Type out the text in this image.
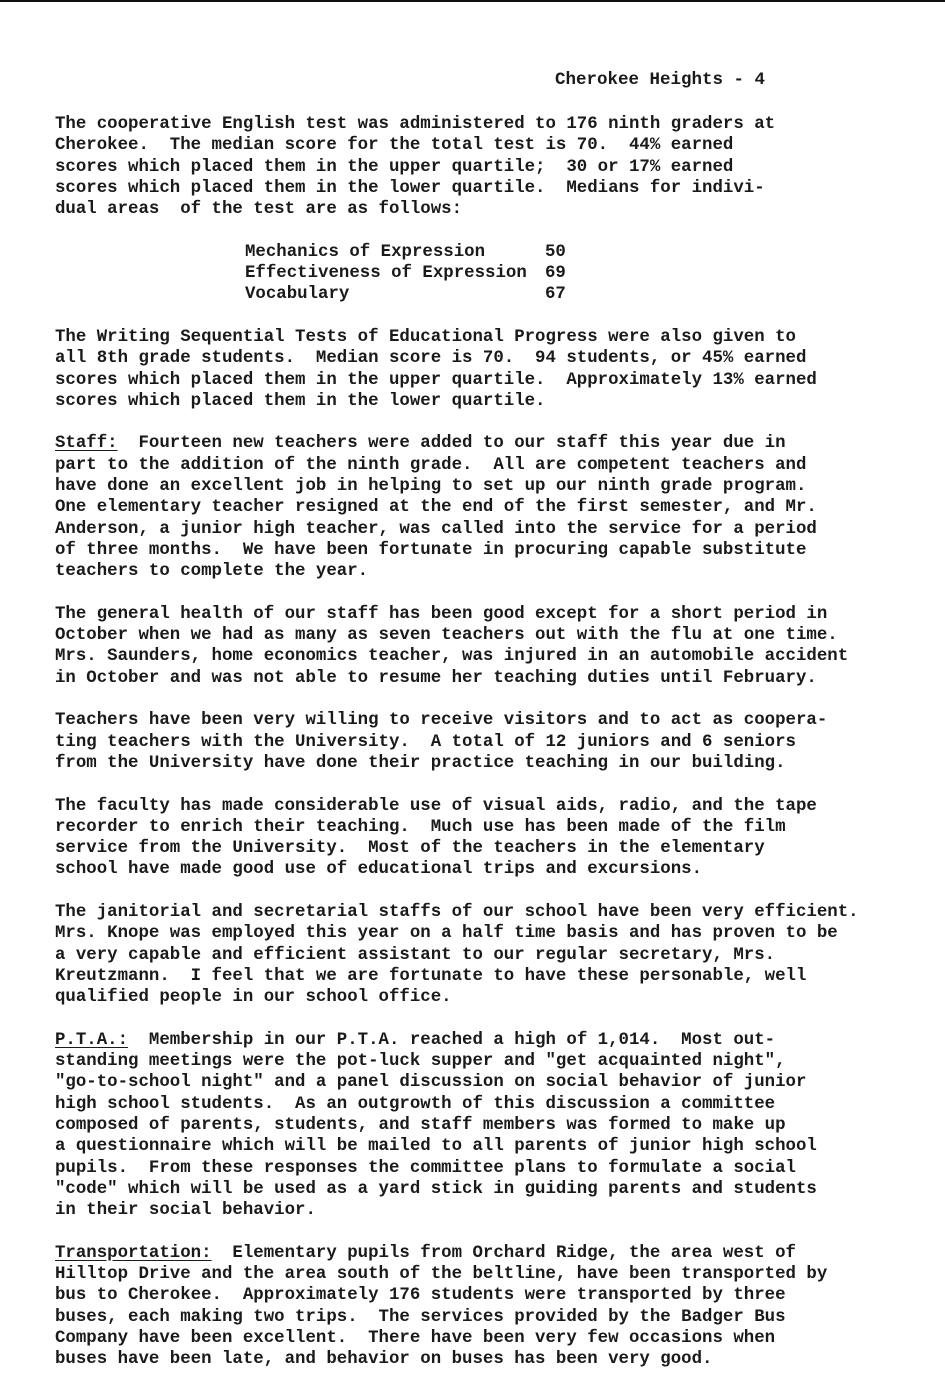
Cherokee Heights - 4
The cooperative English test was administered to 176 ninth graders at
Cherokee.  The median score for the total test is 70.  44% earned
scores which placed them in the upper quartile;  30 or 17% earned
scores which placed them in the lower quartile.  Medians for indivi-
dual areas  of the test are as follows:
Mechanics of Expression	50
Effectiveness of Expression	69
Vocabulary	67
The Writing Sequential Tests of Educational Progress were also given to
all 8th grade students.  Median score is 70.  94 students, or 45% earned
scores which placed them in the upper quartile.  Approximately 13% earned
scores which placed them in the lower quartile.
Staff:  Fourteen new teachers were added to our staff this year due in
part to the addition of the ninth grade.  All are competent teachers and
have done an excellent job in helping to set up our ninth grade program.
One elementary teacher resigned at the end of the first semester, and Mr.
Anderson, a junior high teacher, was called into the service for a period
of three months.  We have been fortunate in procuring capable substitute
teachers to complete the year.
The general health of our staff has been good except for a short period in
October when we had as many as seven teachers out with the flu at one time.
Mrs. Saunders, home economics teacher, was injured in an automobile accident
in October and was not able to resume her teaching duties until February.
Teachers have been very willing to receive visitors and to act as coopera-
ting teachers with the University.  A total of 12 juniors and 6 seniors
from the University have done their practice teaching in our building.
The faculty has made considerable use of visual aids, radio, and the tape
recorder to enrich their teaching.  Much use has been made of the film
service from the University.  Most of the teachers in the elementary
school have made good use of educational trips and excursions.
The janitorial and secretarial staffs of our school have been very efficient.
Mrs. Knope was employed this year on a half time basis and has proven to be
a very capable and efficient assistant to our regular secretary, Mrs.
Kreutzmann.  I feel that we are fortunate to have these personable, well
qualified people in our school office.
P.T.A.:  Membership in our P.T.A. reached a high of 1,014.  Most out-
standing meetings were the pot-luck supper and "get acquainted night",
"go-to-school night" and a panel discussion on social behavior of junior
high school students.  As an outgrowth of this discussion a committee
composed of parents, students, and staff members was formed to make up
a questionnaire which will be mailed to all parents of junior high school
pupils.  From these responses the committee plans to formulate a social
"code" which will be used as a yard stick in guiding parents and students
in their social behavior.
Transportation:  Elementary pupils from Orchard Ridge, the area west of
Hilltop Drive and the area south of the beltline, have been transported by
bus to Cherokee.  Approximately 176 students were transported by three
buses, each making two trips.  The services provided by the Badger Bus
Company have been excellent.  There have been very few occasions when
buses have been late, and behavior on buses has been very good.
